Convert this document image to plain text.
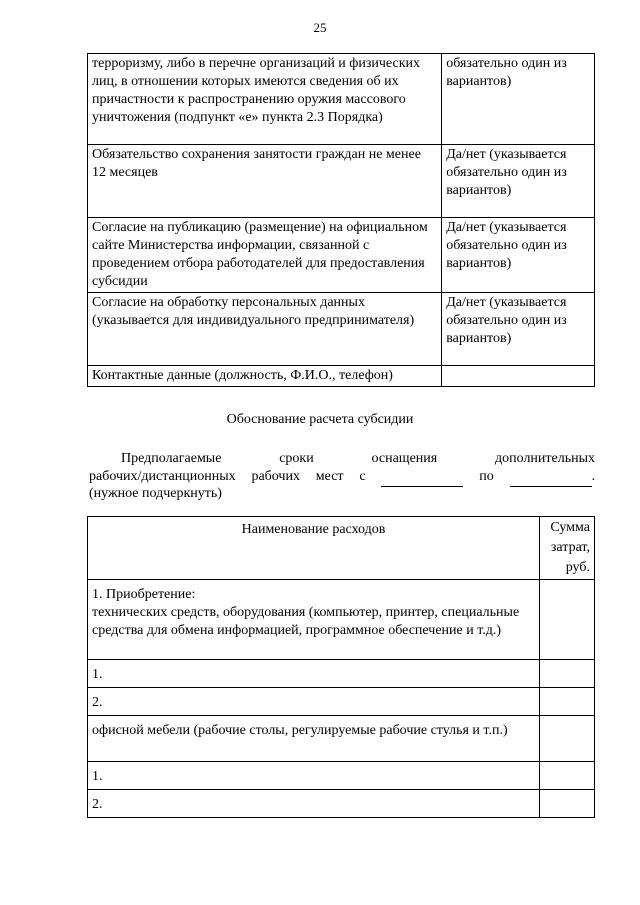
25
терроризму, либо в перечне организаций и физических лиц, в отношении которых имеются сведения об их причастности к распространению оружия массового уничтожения (подпункт «е» пункта 2.3 Порядка)	обязательно один из вариантов)
Обязательство сохранения занятости граждан не менее 12 месяцев	Да/нет (указывается обязательно один из вариантов)
Согласие на публикацию (размещение) на официальном сайте Министерства информации, связанной с проведением отбора работодателей для предоставления субсидии	Да/нет (указывается обязательно один из вариантов)
Согласие на обработку персональных данных (указывается для индивидуального предпринимателя)	Да/нет (указывается обязательно один из вариантов)
Контактные данные (должность, Ф.И.О., телефон)	
Обоснование расчета субсидии
Предполагаемые	сроки	оснащения	дополнительных
рабочих/дистанционных рабочих мест с	по	.
(нужное подчеркнуть)
Наименование расходов	Сумма затрат, руб.
1. Приобретение:
технических средств, оборудования (компьютер, принтер, специальные средства для обмена информацией, программное обеспечение и т.д.)	
1.	
2.	
офисной мебели (рабочие столы, регулируемые рабочие стулья и т.п.)	
1.	
2.	
